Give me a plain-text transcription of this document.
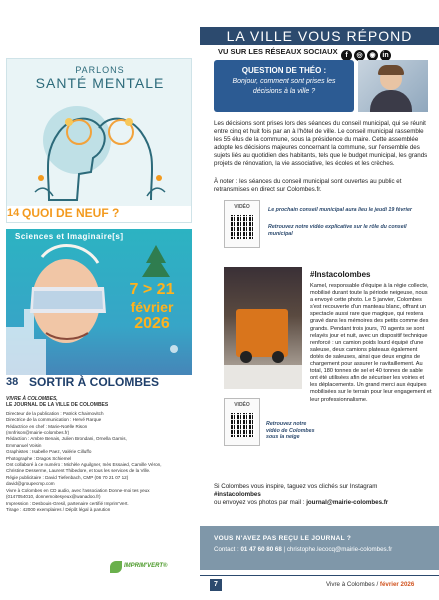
PARLONS
SANTÉ MENTALE
14 QUOI DE NEUF ?
Sciences et Imaginaire[s]
7 > 21
février
2026
38 SORTIR À COLOMBES
VIVRE À COLOMBES,
LE JOURNAL DE LA VILLE DE COLOMBES
Directeur de la publication : Patrick Chaimovitch
Directrice de la communication : Hervé Rarque
Rédactrice en chef : Marie-Noëlle Rison
(mnfrison@mairie-colombes.fr)
Rédaction : Ambre Benais, Julien Brondani, Ornella Garnis,
Emmanuel Voisin
Graphistes : Isabelle Paez, Valérie Cilluffo
Photographe : Dragos Schiemel
Ont collaboré à ce numéro : Michèle Aguilgner, Inès Essaied, Camille Véron,
Christine Desserme, Laurent Thibedore, et tous les services de la Ville.
Régie publicitaire : David Tiefenbach, CMP (06 70 21 07 12)
david@groupecmp.com
Vivre à Colombes en CD audio, avec l'association Donne-moi tes yeux
(0147054010, donnemoitesyeux@wanadoo.fr)
Impression : Desbouis-Gresil, partenaire certifié Imprim'Vert.
Tirage : 42000 exemplaires / Dépôt légal à parution
IMPRIM'VERT®
LA VILLE VOUS RÉPOND
VU SUR LES RÉSEAUX SOCIAUX	f ◎ ◉ in
QUESTION DE THÉO :
Bonjour, comment sont prises les décisions à la ville ?
Les décisions sont prises lors des séances du conseil municipal, qui se réunit entre cinq et huit fois par an à l'hôtel de ville. Le conseil municipal rassemble les 55 élus de la commune, sous la présidence du maire. Cette assemblée adopte les décisions majeures concernant la commune, sur l'ensemble des sujets liés au quotidien des habitants, tels que le budget municipal, les grands projets de rénovation, la vie associative, les écoles et les crèches.
À noter : les séances du conseil municipal sont ouvertes au public et retransmises en direct sur Colombes.fr.
VIDÉO	Le prochain conseil municipal aura lieu le jeudi 19 février
Retrouvez notre vidéo explicative sur le rôle du conseil municipal
#Instacolombes
Kamel, responsable d'équipe à la régie collecte, mobilisé durant toute la période neigeuse, nous a envoyé cette photo. Le 5 janvier, Colombes s'est recouverte d'un manteau blanc, offrant un spectacle aussi rare que magique, qui restera gravé dans les mémoires des petits comme des grands. Pendant trois jours, 70 agents se sont relayés jour et nuit, avec un dispositif technique renforcé : un camion poids lourd équipé d'une saleuse, deux camions plateaux également dotés de saleuses, ainsi que deux engins de chargement pour assurer le ravitaillement. Au total, 180 tonnes de sel et 40 tonnes de sable ont été utilisées afin de sécuriser les voiries et les déplacements. Un grand merci aux équipes mobilisées sur le terrain pour leur engagement et leur professionnalisme.
VIDÉO
Retrouvez notre vidéo de Colombes sous la neige
Si Colombes vous inspire, taguez vos clichés sur Instagram
#instacolombes
ou envoyez vos photos par mail : journal@mairie-colombes.fr
VOUS N'AVEZ PAS REÇU LE JOURNAL ?
Contact : 01 47 60 80 68 | christophe.lecocq@mairie-colombes.fr
7	Vivre à Colombes / février 2026
